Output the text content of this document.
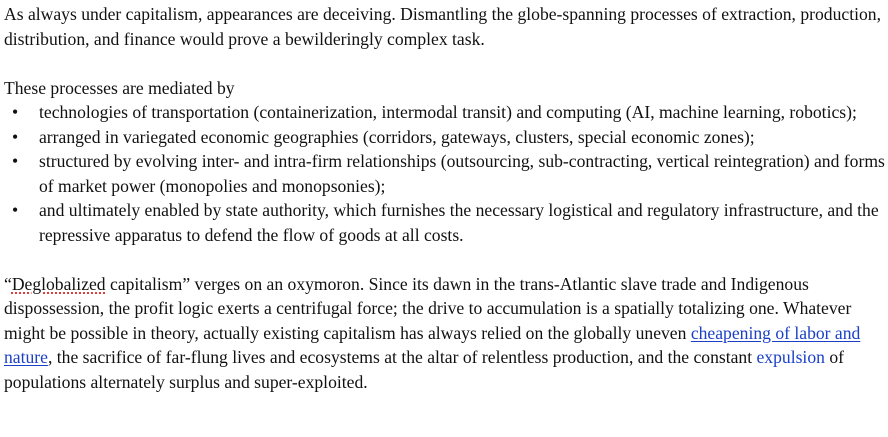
As always under capitalism, appearances are deceiving. Dismantling the globe-spanning processes of extraction, production, distribution, and finance would prove a bewilderingly complex task.

These processes are mediated by

• technologies of transportation (containerization, intermodal transit) and computing (AI, machine learning, robotics);
• arranged in variegated economic geographies (corridors, gateways, clusters, special economic zones);
• structured by evolving inter- and intra-firm relationships (outsourcing, sub-contracting, vertical reintegration) and forms of market power (monopolies and monopsonies);
• and ultimately enabled by state authority, which furnishes the necessary logistical and regulatory infrastructure, and the repressive apparatus to defend the flow of goods at all costs.

“Deglobalized capitalism” verges on an oxymoron. Since its dawn in the trans-Atlantic slave trade and Indigenous dispossession, the profit logic exerts a centrifugal force; the drive to accumulation is a spatially totalizing one. Whatever might be possible in theory, actually existing capitalism has always relied on the globally uneven cheapening of labor and nature, the sacrifice of far-flung lives and ecosystems at the altar of relentless production, and the constant expulsion of populations alternately surplus and super-exploited.
